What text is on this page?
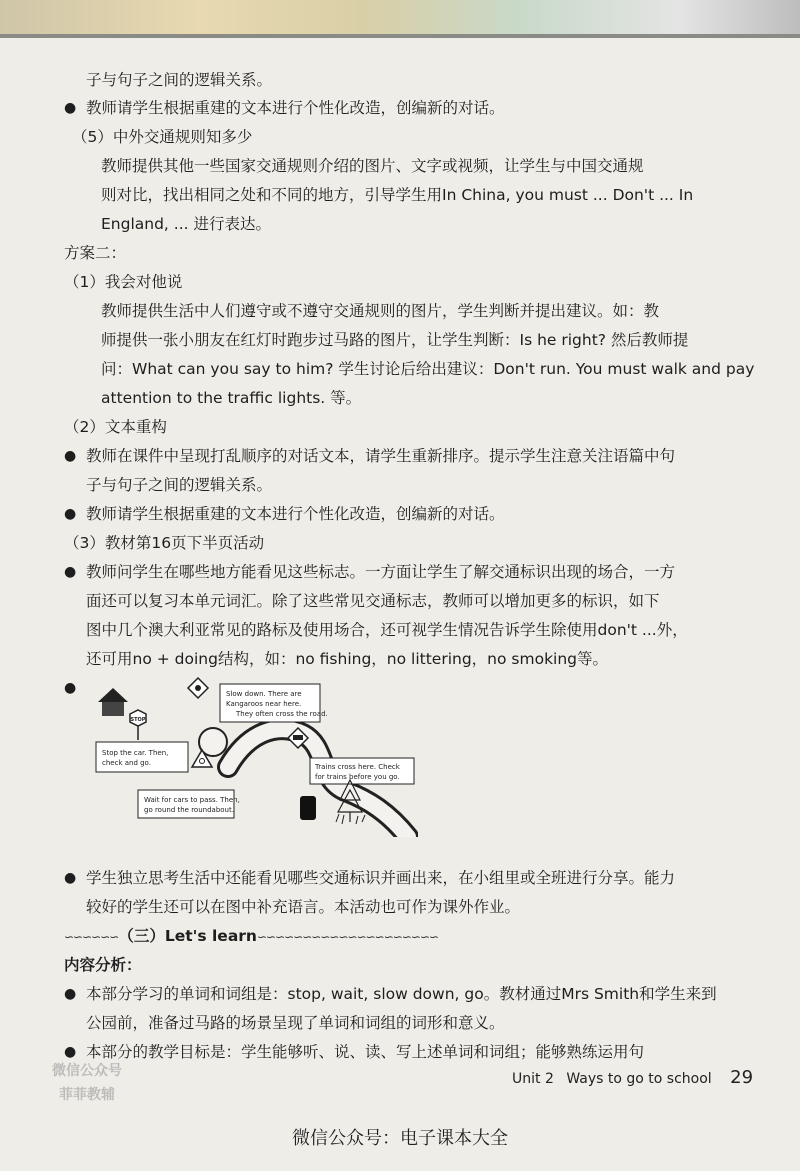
子与句子之间的逻辑关系。
● 教师请学生根据重建的文本进行个性化改造，创编新的对话。
（5）中外交通规则知多少
教师提供其他一些国家交通规则介绍的图片、文字或视频，让学生与中国交通规
则对比，找出相同之处和不同的地方，引导学生用In China, you must ... Don't ... In
England, ... 进行表达。
方案二：
（1）我会对他说
教师提供生活中人们遵守或不遵守交通规则的图片，学生判断并提出建议。如：教
师提供一张小朋友在红灯时跑步过马路的图片，让学生判断：Is he right? 然后教师提
问：What can you say to him? 学生讨论后给出建议：Don't run. You must walk and pay
attention to the traffic lights. 等。
（2）文本重构
● 教师在课件中呈现打乱顺序的对话文本，请学生重新排序。提示学生注意关注语篇中句
子与句子之间的逻辑关系。
● 教师请学生根据重建的文本进行个性化改造，创编新的对话。
（3）教材第16页下半页活动
● 教师问学生在哪些地方能看见这些标志。一方面让学生了解交通标识出现的场合，一方
面还可以复习本单元词汇。除了这些常见交通标志，教师可以增加更多的标识，如下
图中几个澳大利亚常见的路标及使用场合，还可视学生情况告诉学生除使用don't ...外，
还可用no + doing结构，如：no fishing，no littering，no smoking等。
●
● 学生独立思考生活中还能看见哪些交通标识并画出来，在小组里或全班进行分享。能力
较好的学生还可以在图中补充语言。本活动也可作为课外作业。
∽∽∽∽∽∽（三）Let's learn∽∽∽∽∽∽∽∽∽∽∽∽∽∽∽∽∽∽∽∽
内容分析：
● 本部分学习的单词和词组是：stop, wait, slow down, go。教材通过Mrs Smith和学生来到
公园前，准备过马路的场景呈现了单词和词组的词形和意义。
● 本部分的教学目标是：学生能够听、说、读、写上述单词和词组；能够熟练运用句
STOP
Stop the car. Then,
check and go.
Slow down. There are
Kangaroos near here.
They often cross the road.
Trains cross here. Check
for trains before you go.
Wait for cars to pass. Then,
go round the roundabout.
Unit 2 Ways to go to school 29
微信公众号
菲菲教辅
微信公众号：电子课本大全
